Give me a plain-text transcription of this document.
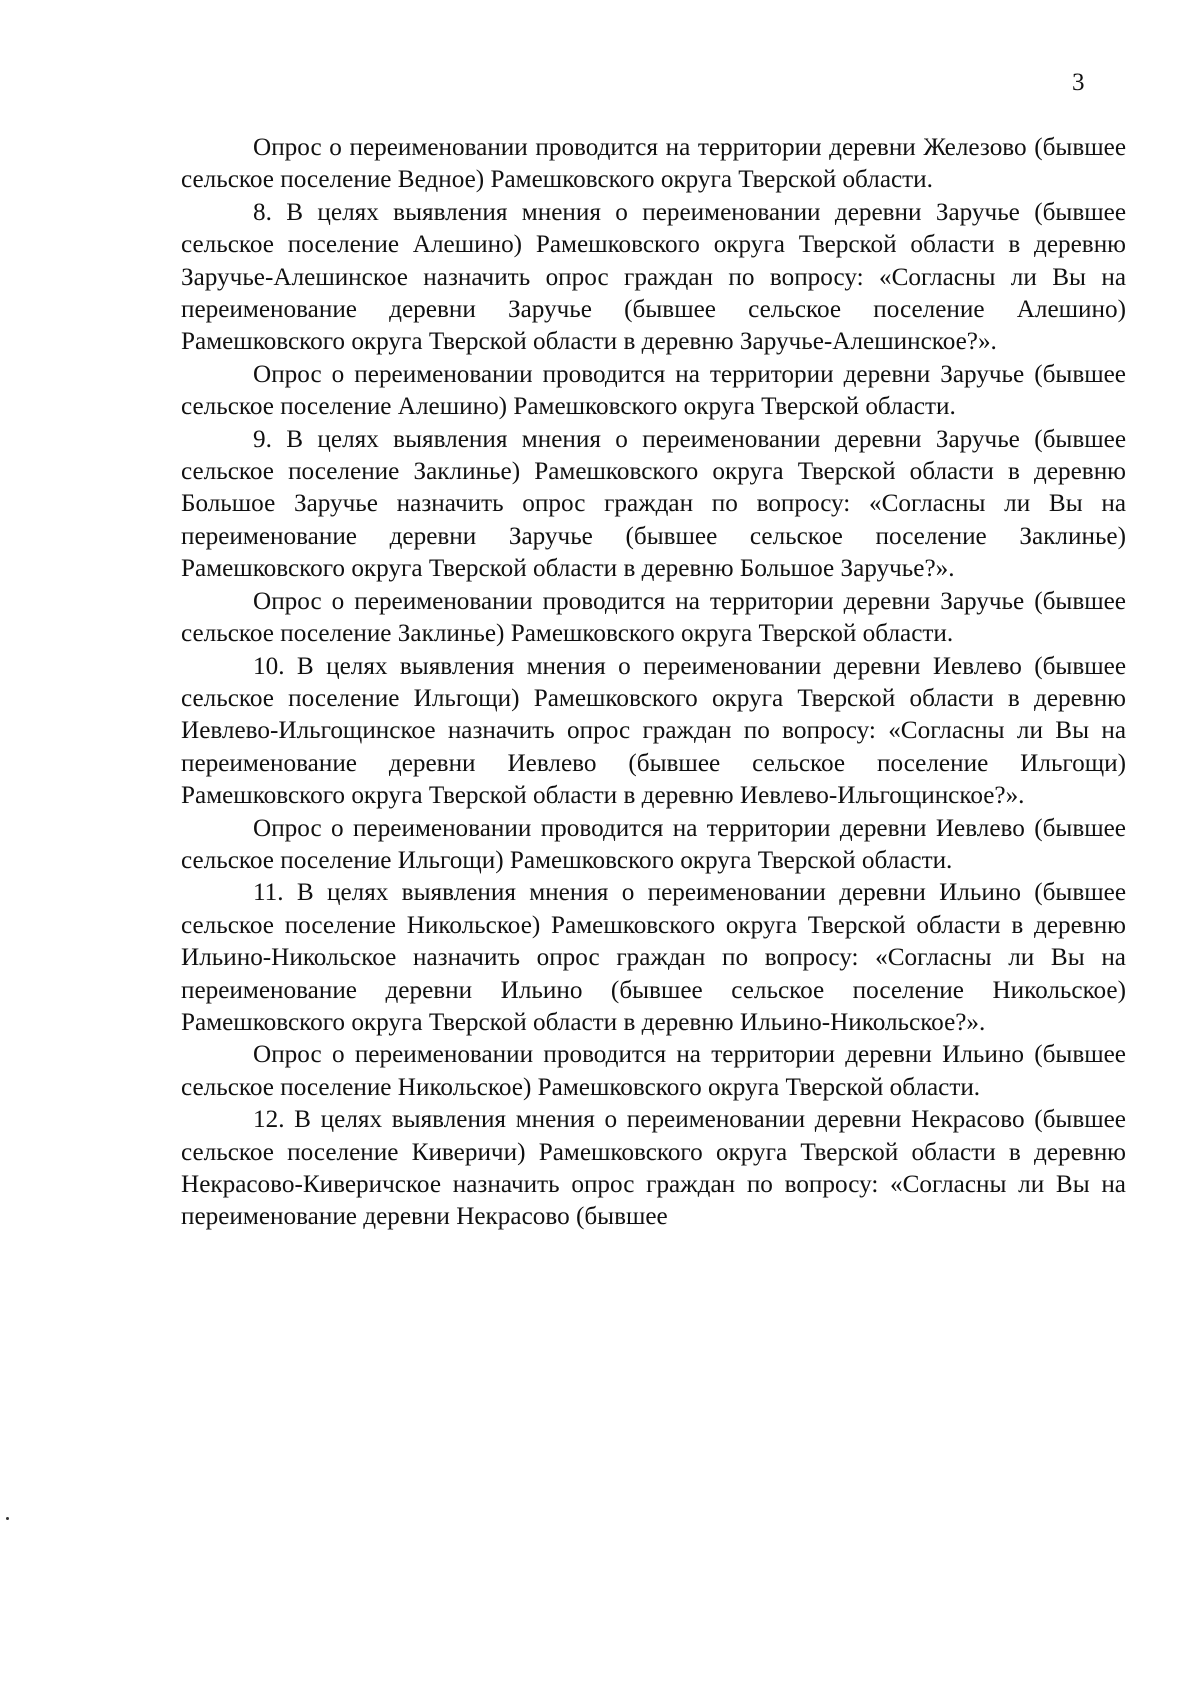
3

Опрос о переименовании проводится на территории деревни Железово (бывшее сельское поселение Ведное) Рамешковского округа Тверской области.

8. В целях выявления мнения о переименовании деревни Заручье (бывшее сельское поселение Алешино) Рамешковского округа Тверской области в деревню Заручье-Алешинское назначить опрос граждан по вопросу: «Согласны ли Вы на переименование деревни Заручье (бывшее сельское поселение Алешино) Рамешковского округа Тверской области в деревню Заручье-Алешинское?».

Опрос о переименовании проводится на территории деревни Заручье (бывшее сельское поселение Алешино) Рамешковского округа Тверской области.

9. В целях выявления мнения о переименовании деревни Заручье (бывшее сельское поселение Заклинье) Рамешковского округа Тверской области в деревню Большое Заручье назначить опрос граждан по вопросу: «Согласны ли Вы на переименование деревни Заручье (бывшее сельское поселение Заклинье) Рамешковского округа Тверской области в деревню Большое Заручье?».

Опрос о переименовании проводится на территории деревни Заручье (бывшее сельское поселение Заклинье) Рамешковского округа Тверской области.

10. В целях выявления мнения о переименовании деревни Иевлево (бывшее сельское поселение Ильгощи) Рамешковского округа Тверской области в деревню Иевлево-Ильгощинское назначить опрос граждан по вопросу: «Согласны ли Вы на переименование деревни Иевлево (бывшее сельское поселение Ильгощи) Рамешковского округа Тверской области в деревню Иевлево-Ильгощинское?».

Опрос о переименовании проводится на территории деревни Иевлево (бывшее сельское поселение Ильгощи) Рамешковского округа Тверской области.

11. В целях выявления мнения о переименовании деревни Ильино (бывшее сельское поселение Никольское) Рамешковского округа Тверской области в деревню Ильино-Никольское назначить опрос граждан по вопросу: «Согласны ли Вы на переименование деревни Ильино (бывшее сельское поселение Никольское) Рамешковского округа Тверской области в деревню Ильино-Никольское?».

Опрос о переименовании проводится на территории деревни Ильино (бывшее сельское поселение Никольское) Рамешковского округа Тверской области.

12. В целях выявления мнения о переименовании деревни Некрасово (бывшее сельское поселение Киверичи) Рамешковского округа Тверской области в деревню Некрасово-Киверичское назначить опрос граждан по вопросу: «Согласны ли Вы на переименование деревни Некрасово (бывшее
